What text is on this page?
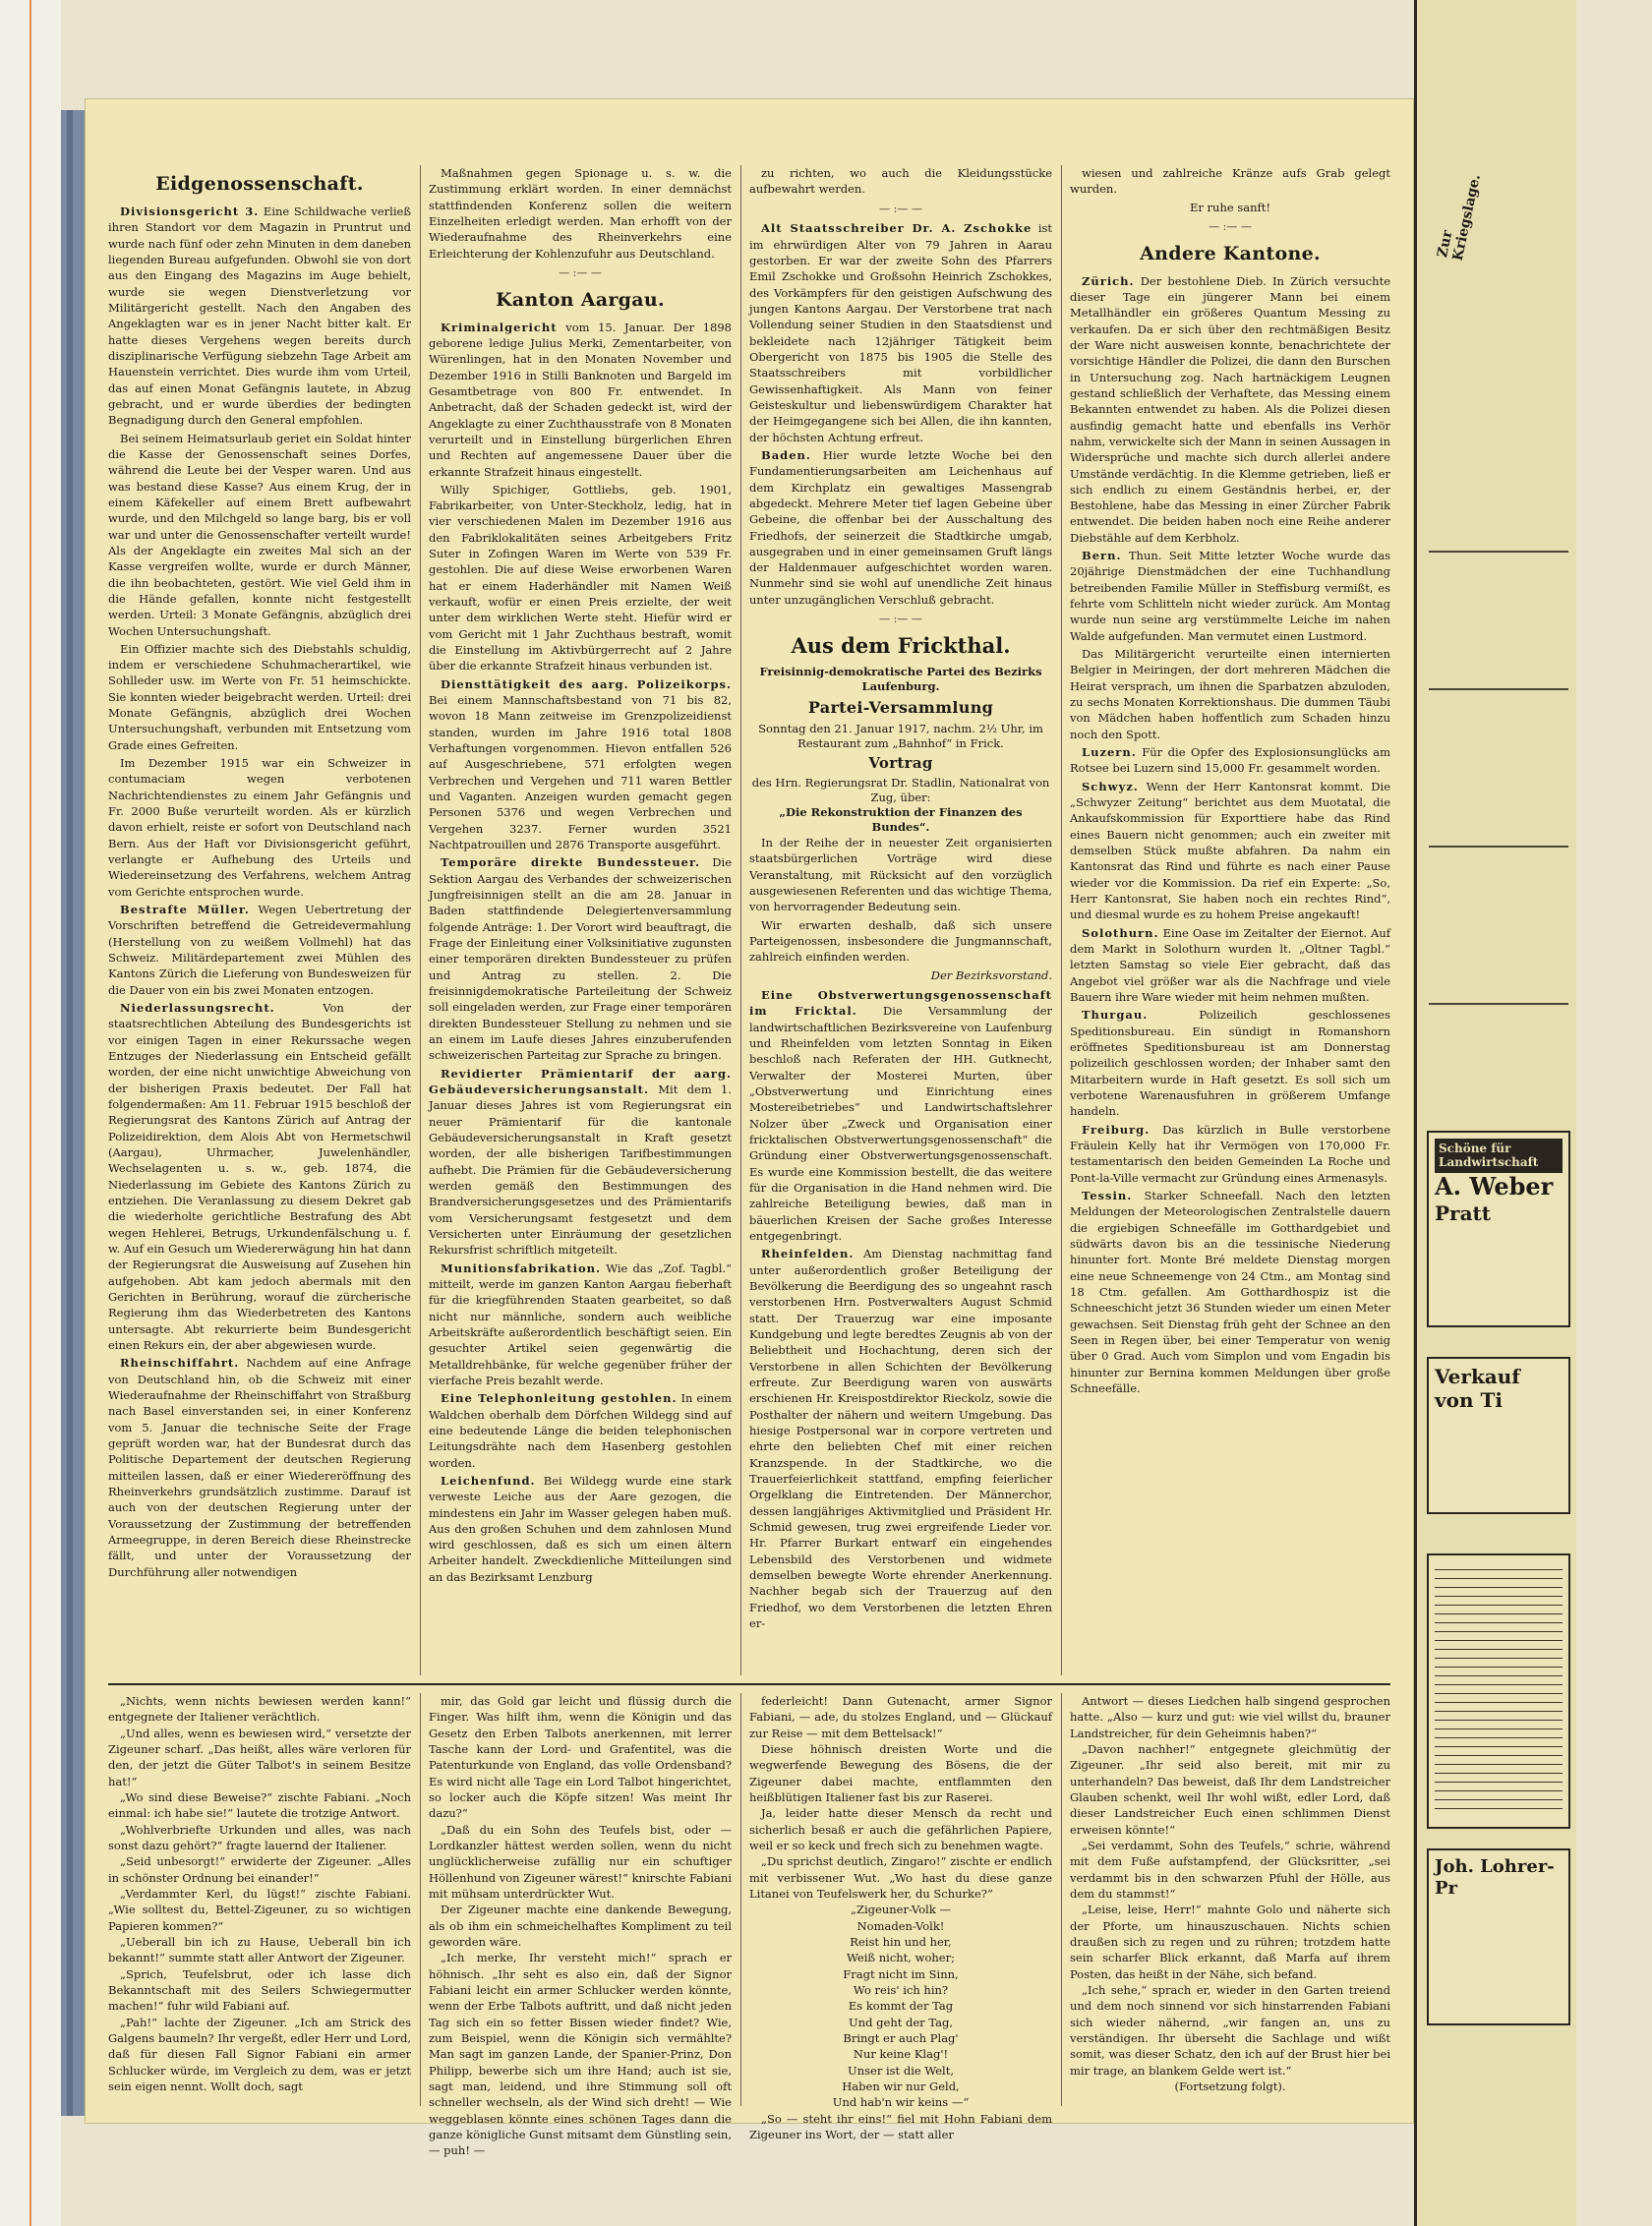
Eidgenossenschaft.

Divisionsgericht 3. Eine Schildwache verließ ihren Standort vor dem Magazin in Pruntrut und wurde nach fünf oder zehn Minuten in dem daneben liegenden Bureau aufgefunden. Obwohl sie von dort aus den Eingang des Magazins im Auge behielt, wurde sie wegen Dienstverletzung vor Militärgericht gestellt. Nach den Angaben des Angeklagten war es in jener Nacht bitter kalt. Er hatte dieses Vergehens wegen bereits durch disziplinarische Verfügung siebzehn Tage Arbeit am Hauenstein verrichtet. Dies wurde ihm vom Urteil, das auf einen Monat Gefängnis lautete, in Abzug gebracht, und er wurde überdies der bedingten Begnadigung durch den General empfohlen.

Bei seinem Heimatsurlaub geriet ein Soldat hinter die Kasse der Genossenschaft seines Dorfes, während die Leute bei der Vesper waren. Und aus was bestand diese Kasse? Aus einem Krug, der in einem Käfekeller auf einem Brett aufbewahrt wurde, und den Milchgeld so lange barg, bis er voll war und unter die Genossenschafter verteilt wurde! Als der Angeklagte ein zweites Mal sich an der Kasse vergreifen wollte, wurde er durch Männer, die ihn beobachteten, gestört. Wie viel Geld ihm in die Hände gefallen, konnte nicht festgestellt werden. Urteil: 3 Monate Gefängnis, abzüglich drei Wochen Untersuchungshaft.

Ein Offizier machte sich des Diebstahls schuldig, indem er verschiedene Schuhmacherartikel, wie Sohlleder usw. im Werte von Fr. 51 heimschickte. Sie konnten wieder beigebracht werden. Urteil: drei Monate Gefängnis, abzüglich drei Wochen Untersuchungshaft, verbunden mit Entsetzung vom Grade eines Gefreiten.

Im Dezember 1915 war ein Schweizer in contumaciam wegen verbotenen Nachrichtendienstes zu einem Jahr Gefängnis und Fr. 2000 Buße verurteilt worden. Als er kürzlich davon erhielt, reiste er sofort von Deutschland nach Bern. Aus der Haft vor Divisionsgericht geführt, verlangte er Aufhebung des Urteils und Wiedereinsetzung des Verfahrens, welchem Antrag vom Gerichte entsprochen wurde.

Bestrafte Müller. Wegen Uebertretung der Vorschriften betreffend die Getreidevermahlung (Herstellung von zu weißem Vollmehl) hat das Schweiz. Militärdepartement zwei Mühlen des Kantons Zürich die Lieferung von Bundesweizen für die Dauer von ein bis zwei Monaten entzogen.

Niederlassungsrecht.	Von der staatsrechtlichen Abteilung des Bundesgerichts ist vor einigen Tagen in einer Rekurssache wegen Entzuges der Niederlassung ein Entscheid gefällt worden, der eine nicht unwichtige Abweichung von der bisherigen Praxis bedeutet. Der Fall hat folgendermaßen: Am 11. Februar 1915 beschloß der Regierungsrat des Kantons Zürich auf Antrag der Polizeidirektion, dem Alois Abt von Hermetschwil (Aargau), Uhrmacher, Juwelenhändler, Wechselagenten u. s. w., geb. 1874, die Niederlassung im Gebiete des Kantons Zürich zu entziehen. Die Veranlassung zu diesem Dekret gab die wiederholte gerichtliche Bestrafung des Abt wegen Hehlerei, Betrugs, Urkundenfälschung u. f. w. Auf ein Gesuch um Wiedererwägung hin hat dann der Regierungsrat die Ausweisung auf Zusehen hin aufgehoben. Abt kam jedoch abermals mit den Gerichten in Berührung, worauf die zürcherische Regierung ihm das Wiederbetreten des Kantons untersagte. Abt rekurrierte beim Bundesgericht einen Rekurs ein, der aber abgewiesen wurde.

Rheinschiffahrt. Nachdem auf eine Anfrage von Deutschland hin, ob die Schweiz mit einer Wiederaufnahme der Rheinschiffahrt von Straßburg nach Basel einverstanden sei, in einer Konferenz vom 5. Januar die technische Seite der Frage geprüft worden war, hat der Bundesrat durch das Politische Departement der deutschen Regierung mitteilen lassen, daß er einer Wiedereröffnung des Rheinverkehrs grundsätzlich zustimme. Darauf ist auch von der deutschen Regierung unter der Voraussetzung der Zustimmung der betreffenden Armeegruppe, in deren Bereich diese Rheinstrecke fällt, und unter der Voraussetzung der Durchführung aller notwendigen

Maßnahmen gegen Spionage u. s. w. die Zustimmung erklärt worden. In einer demnächst stattfindenden Konferenz sollen die weitern Einzelheiten erledigt werden. Man erhofft von der Wiederaufnahme des Rheinverkehrs eine Erleichterung der Kohlenzufuhr aus Deutschland.

— :— —
Kanton Aargau.

Kriminalgericht vom 15. Januar. Der 1898 geborene ledige Julius Merki, Zementarbeiter, von Würenlingen, hat in den Monaten November und Dezember 1916 in Stilli Banknoten und Bargeld im Gesamtbetrage von 800 Fr. entwendet. In Anbetracht, daß der Schaden gedeckt ist, wird der Angeklagte zu einer Zuchthausstrafe von 8 Monaten verurteilt und in Einstellung bürgerlichen Ehren und Rechten auf angemessene Dauer über die erkannte Strafzeit hinaus eingestellt.

Willy Spichiger, Gottliebs, geb. 1901, Fabrikarbeiter, von Unter-Steckholz, ledig, hat in vier verschiedenen Malen im Dezember 1916 aus den Fabriklokalitäten seines Arbeitgebers Fritz Suter in Zofingen Waren im Werte von 539 Fr. gestohlen. Die auf diese Weise erworbenen Waren hat er einem Haderhändler mit Namen Weiß verkauft, wofür er einen Preis erzielte, der weit unter dem wirklichen Werte steht. Hiefür wird er vom Gericht mit 1 Jahr Zuchthaus bestraft, womit die Einstellung im Aktivbürgerrecht auf 2 Jahre über die erkannte Strafzeit hinaus verbunden ist.

Diensttätigkeit des aarg. Polizeikorps. Bei einem Mannschaftsbestand von 71 bis 82, wovon 18 Mann zeitweise im Grenzpolizeidienst standen, wurden im Jahre 1916 total 1808 Verhaftungen vorgenommen. Hievon entfallen 526 auf Ausgeschriebene, 571 erfolgten wegen Verbrechen und Vergehen und 711 waren Bettler und Vaganten. Anzeigen wurden gemacht gegen Personen 5376 und wegen Verbrechen und Vergehen 3237. Ferner wurden 3521 Nachtpatrouillen und 2876 Transporte ausgeführt.

Temporäre direkte Bundessteuer. Die Sektion Aargau des Verbandes der schweizerischen Jungfreisinnigen stellt an die am 28. Januar in Baden stattfindende Delegiertenversammlung folgende Anträge: 1. Der Vorort wird beauftragt, die Frage der Einleitung einer Volksinitiative zugunsten einer temporären direkten Bundessteuer zu prüfen und Antrag zu stellen. 2. Die freisinnigdemokratische Parteileitung der Schweiz soll eingeladen werden, zur Frage einer temporären direkten Bundessteuer Stellung zu nehmen und sie an einem im Laufe dieses Jahres einzuberufenden schweizerischen Parteitag zur Sprache zu bringen.

Revidierter Prämientarif der aarg. Gebäudeversicherungsanstalt. Mit dem 1. Januar dieses Jahres ist vom Regierungsrat ein neuer Prämientarif für die kantonale Gebäudeversicherungsanstalt in Kraft gesetzt worden, der alle bisherigen Tarifbestimmungen aufhebt. Die Prämien für die Gebäudeversicherung werden gemäß den Bestimmungen des Brandversicherungsgesetzes und des Prämientarifs vom Versicherungsamt festgesetzt und dem Versicherten unter Einräumung der gesetzlichen Rekursfrist schriftlich mitgeteilt.

Munitionsfabrikation. Wie das „Zof. Tagbl.“ mitteilt, werde im ganzen Kanton Aargau fieberhaft für die kriegführenden Staaten gearbeitet, so daß nicht nur männliche, sondern auch weibliche Arbeitskräfte außerordentlich beschäftigt seien. Ein gesuchter Artikel seien gegenwärtig die Metalldrehbänke, für welche gegenüber früher der vierfache Preis bezahlt werde.

Eine Telephonleitung gestohlen. In einem Waldchen oberhalb dem Dörfchen Wildegg sind auf eine bedeutende Länge die beiden telephonischen Leitungsdrähte nach dem Hasenberg gestohlen worden.

Leichenfund. Bei Wildegg wurde eine stark verweste Leiche aus der Aare gezogen, die mindestens ein Jahr im Wasser gelegen haben muß. Aus den großen Schuhen und dem zahnlosen Mund wird geschlossen, daß es sich um einen ältern Arbeiter handelt. Zweckdienliche Mitteilungen sind an das Bezirksamt Lenzburg

zu richten, wo auch die Kleidungsstücke aufbewahrt werden.

— :— —

Alt Staatsschreiber Dr. A. Zschokke ist im ehrwürdigen Alter von 79 Jahren in Aarau gestorben. Er war der zweite Sohn des Pfarrers Emil Zschokke und Großsohn Heinrich Zschokkes, des Vorkämpfers für den geistigen Aufschwung des jungen Kantons Aargau. Der Verstorbene trat nach Vollendung seiner Studien in den Staatsdienst und bekleidete nach 12jähriger Tätigkeit beim Obergericht von 1875 bis 1905 die Stelle des Staatsschreibers mit vorbildlicher Gewissenhaftigkeit. Als Mann von feiner Geisteskultur und liebenswürdigem Charakter hat der Heimgegangene sich bei Allen, die ihn kannten, der höchsten Achtung erfreut.

Baden. Hier wurde letzte Woche bei den Fundamentierungsarbeiten am Leichenhaus auf dem Kirchplatz ein gewaltiges Massengrab abgedeckt. Mehrere Meter tief lagen Gebeine über Gebeine, die offenbar bei der Ausschaltung des Friedhofs, der seinerzeit die Stadtkirche umgab, ausgegraben und in einer gemeinsamen Gruft längs der Haldenmauer aufgeschichtet worden waren. Nunmehr sind sie wohl auf unendliche Zeit hinaus unter unzugänglichen Verschluß gebracht.

— :— —
Aus dem Frickthal.
Freisinnig-demokratische Partei des Bezirks Laufenburg.
Partei-Versammlung
Sonntag den 21. Januar 1917, nachm. 2½ Uhr, im Restaurant zum „Bahnhof“ in Frick.
Vortrag
des Hrn. Regierungsrat Dr. Stadlin, Nationalrat von Zug, über:
„Die Rekonstruktion der Finanzen des Bundes“.

In der Reihe der in neuester Zeit organisierten staatsbürgerlichen Vorträge wird diese Veranstaltung, mit Rücksicht auf den vorzüglich ausgewiesenen Referenten und das wichtige Thema, von hervorragender Bedeutung sein.

Wir erwarten deshalb, daß sich unsere Parteigenossen, insbesondere die Jungmannschaft, zahlreich einfinden werden.

Der Bezirksvorstand.

Eine Obstverwertungsgenossenschaft im Fricktal. Die Versammlung der landwirtschaftlichen Bezirksvereine von Laufenburg und Rheinfelden vom letzten Sonntag in Eiken beschloß nach Referaten der HH. Gutknecht, Verwalter der Mosterei Murten, über „Obstverwertung und Einrichtung eines Mostereibetriebes“ und Landwirtschaftslehrer Nolzer über „Zweck und Organisation einer fricktalischen Obstverwertungsgenossenschaft“ die Gründung einer Obstverwertungsgenossenschaft. Es wurde eine Kommission bestellt, die das weitere für die Organisation in die Hand nehmen wird. Die zahlreiche Beteiligung bewies, daß man in bäuerlichen Kreisen der Sache großes Interesse entgegenbringt.

Rheinfelden. Am Dienstag nachmittag fand unter außerordentlich großer Beteiligung der Bevölkerung die Beerdigung des so ungeahnt rasch verstorbenen Hrn. Postverwalters August Schmid statt. Der Trauerzug war eine imposante Kundgebung und legte beredtes Zeugnis ab von der Beliebtheit und Hochachtung, deren sich der Verstorbene in allen Schichten der Bevölkerung erfreute. Zur Beerdigung waren von auswärts erschienen Hr. Kreispostdirektor Rieckolz, sowie die Posthalter der nähern und weitern Umgebung. Das hiesige Postpersonal war in corpore vertreten und ehrte den beliebten Chef mit einer reichen Kranzspende. In der Stadtkirche, wo die Trauerfeierlichkeit stattfand, empfing feierlicher Orgelklang die Eintretenden. Der Männerchor, dessen langjähriges Aktivmitglied und Präsident Hr. Schmid gewesen, trug zwei ergreifende Lieder vor. Hr. Pfarrer Burkart entwarf ein eingehendes Lebensbild des Verstorbenen und widmete demselben bewegte Worte ehrender Anerkennung. Nachher begab sich der Trauerzug auf den Friedhof, wo dem Verstorbenen die letzten Ehren er-

wiesen und zahlreiche Kränze aufs Grab gelegt wurden.

Er ruhe sanft!

— :— —
Andere Kantone.

Zürich. Der bestohlene Dieb. In Zürich versuchte dieser Tage ein jüngerer Mann bei einem Metallhändler ein größeres Quantum Messing zu verkaufen. Da er sich über den rechtmäßigen Besitz der Ware nicht ausweisen konnte, benachrichtete der vorsichtige Händler die Polizei, die dann den Burschen in Untersuchung zog. Nach hartnäckigem Leugnen gestand schließlich der Verhaftete, das Messing einem Bekannten entwendet zu haben. Als die Polizei diesen ausfindig gemacht hatte und ebenfalls ins Verhör nahm, verwickelte sich der Mann in seinen Aussagen in Widersprüche und machte sich durch allerlei andere Umstände verdächtig. In die Klemme getrieben, ließ er sich endlich zu einem Geständnis herbei, er, der Bestohlene, habe das Messing in einer Zürcher Fabrik entwendet. Die beiden haben noch eine Reihe anderer Diebstähle auf dem Kerbholz.

Bern. Thun. Seit Mitte letzter Woche wurde das 20jährige Dienstmädchen der eine Tuchhandlung betreibenden Familie Müller in Steffisburg vermißt, es fehrte vom Schlitteln nicht wieder zurück. Am Montag wurde nun seine arg verstümmelte Leiche im nahen Walde aufgefunden. Man vermutet einen Lustmord.

Das Militärgericht verurteilte einen internierten Belgier in Meiringen, der dort mehreren Mädchen die Heirat versprach, um ihnen die Sparbatzen abzuloden, zu sechs Monaten Korrektionshaus. Die dummen Täubi von Mädchen haben hoffentlich zum Schaden hinzu noch den Spott.

Luzern. Für die Opfer des Explosionsunglücks am Rotsee bei Luzern sind 15,000 Fr. gesammelt worden.

Schwyz. Wenn der Herr Kantonsrat kommt. Die „Schwyzer Zeitung“ berichtet aus dem Muotatal, die Ankaufskommission für Exporttiere habe das Rind eines Bauern nicht genommen; auch ein zweiter mit demselben Stück mußte abfahren. Da nahm ein Kantonsrat das Rind und führte es nach einer Pause wieder vor die Kommission. Da rief ein Experte: „So, Herr Kantonsrat, Sie haben noch ein rechtes Rind“, und diesmal wurde es zu hohem Preise angekauft!

Solothurn. Eine Oase im Zeitalter der Eiernot. Auf dem Markt in Solothurn wurden lt. „Oltner Tagbl.“ letzten Samstag so viele Eier gebracht, daß das Angebot viel größer war als die Nachfrage und viele Bauern ihre Ware wieder mit heim nehmen mußten.

Thurgau.	Polizeilich geschlossenes Speditionsbureau. Ein sündigt in Romanshorn eröffnetes Speditionsbureau ist am Donnerstag polizeilich geschlossen worden; der Inhaber samt den Mitarbeitern wurde in Haft gesetzt. Es soll sich um verbotene Warenausfuhren in größerem Umfange handeln.

Freiburg. Das kürzlich in Bulle verstorbene Fräulein Kelly hat ihr Vermögen von 170,000 Fr. testamentarisch den beiden Gemeinden La Roche und Pont-la-Ville vermacht zur Gründung eines Armenasyls.

Tessin. Starker Schneefall. Nach den letzten Meldungen der Meteorologischen Zentralstelle dauern die ergiebigen Schneefälle im Gotthardgebiet und südwärts davon bis an die tessinische Niederung hinunter fort. Monte Bré meldete Dienstag morgen eine neue Schneemenge von 24 Ctm., am Montag sind 18 Ctm. gefallen. Am Gotthardhospiz ist die Schneeschicht jetzt 36 Stunden wieder um einen Meter gewachsen. Seit Dienstag früh geht der Schnee an den Seen in Regen über, bei einer Temperatur von wenig über 0 Grad. Auch vom Simplon und vom Engadin bis hinunter zur Bernina kommen Meldungen über große Schneefälle.

„Nichts, wenn nichts bewiesen werden kann!“ entgegnete der Italiener verächtlich.

„Und alles, wenn es bewiesen wird,“ versetzte der Zigeuner scharf. „Das heißt, alles wäre verloren für den, der jetzt die Güter Talbot's in seinem Besitze hat!“

„Wo sind diese Beweise?“ zischte Fabiani. „Noch einmal: ich habe sie!“ lautete die trotzige Antwort.

„Wohlverbriefte Urkunden und alles, was nach sonst dazu gehört?“ fragte lauernd der Italiener.

„Seid unbesorgt!“ erwiderte der Zigeuner. „Alles in schönster Ordnung bei einander!“

„Verdammter Kerl, du lügst!“ zischte Fabiani. „Wie solltest du, Bettel-Zigeuner, zu so wichtigen Papieren kommen?“

„Ueberall bin ich zu Hause, Ueberall bin ich bekannt!“ summte statt aller Antwort der Zigeuner.

„Sprich, Teufelsbrut, oder ich lasse dich Bekanntschaft mit des Seilers Schwiegermutter machen!“ fuhr wild Fabiani auf.

„Pah!“ lachte der Zigeuner. „Ich am Strick des Galgens baumeln? Ihr vergeßt, edler Herr und Lord, daß für diesen Fall Signor Fabiani ein armer Schlucker würde, im Vergleich zu dem, was er jetzt sein eigen nennt. Wollt doch, sagt

mir, das Gold gar leicht und flüssig durch die Finger. Was hilft ihm, wenn die Königin und das Gesetz den Erben Talbots anerkennen, mit lerrer Tasche kann der Lord- und Grafentitel, was die Patenturkunde von England, das volle Ordensband? Es wird nicht alle Tage ein Lord Talbot hingerichtet, so locker auch die Köpfe sitzen! Was meint Ihr dazu?“

„Daß du ein Sohn des Teufels bist, oder — Lordkanzler hättest werden sollen, wenn du nicht unglücklicherweise zufällig nur ein schuftiger Höllenhund von Zigeuner wärest!“ knirschte Fabiani mit mühsam unterdrückter Wut.

Der Zigeuner machte eine dankende Bewegung, als ob ihm ein schmeichelhaftes Kompliment zu teil geworden wäre.

„Ich merke, Ihr versteht mich!“ sprach er höhnisch. „Ihr seht es also ein, daß der Signor Fabiani leicht ein armer Schlucker werden könnte, wenn der Erbe Talbots auftritt, und daß nicht jeden Tag sich ein so fetter Bissen wieder findet? Wie, zum Beispiel, wenn die Königin sich vermählte? Man sagt im ganzen Lande, der Spanier-Prinz, Don Philipp, bewerbe sich um ihre Hand; auch ist sie, sagt man, leidend, und ihre Stimmung soll oft schneller wechseln, als der Wind sich dreht! — Wie weggeblasen könnte eines schönen Tages dann die ganze königliche Gunst mitsamt dem Günstling sein, — puh! —

federleicht! Dann Gutenacht, armer Signor Fabiani, — ade, du stolzes England, und — Glückauf zur Reise — mit dem Bettelsack!“

Diese höhnisch dreisten Worte und die wegwerfende Bewegung des Bösens, die der Zigeuner dabei machte, entflammten den heißblütigen Italiener fast bis zur Raserei.

Ja, leider hatte dieser Mensch da recht und sicherlich besaß er auch die gefährlichen Papiere, weil er so keck und frech sich zu benehmen wagte.

„Du sprichst deutlich, Zingaro!“ zischte er endlich mit verbissener Wut. „Wo hast du diese ganze Litanei von Teufelswerk her, du Schurke?“

„Zigeuner-Volk —

Nomaden-Volk!

Reist hin und her,

Weiß nicht, woher;

Fragt nicht im Sinn,

Wo reis' ich hin?

Es kommt der Tag

Und geht der Tag,

Bringt er auch Plag'

Nur keine Klag'!

Unser ist die Welt,

Haben wir nur Geld,

Und hab'n wir keins —“

„So — steht ihr eins!“ fiel mit Hohn Fabiani dem Zigeuner ins Wort, der — statt aller

Antwort — dieses Liedchen halb singend gesprochen hatte. „Also — kurz und gut: wie viel willst du, brauner Landstreicher, für dein Geheimnis haben?“

„Davon nachher!“ entgegnete gleichmütig der Zigeuner. „Ihr seid also bereit, mit mir zu unterhandeln? Das beweist, daß Ihr dem Landstreicher Glauben schenkt, weil Ihr wohl wißt, edler Lord, daß dieser Landstreicher Euch einen schlimmen Dienst erweisen könnte!“

„Sei verdammt, Sohn des Teufels,“ schrie, während mit dem Fuße aufstampfend, der Glücksritter, „sei verdammt bis in den schwarzen Pfuhl der Hölle, aus dem du stammst!“

„Leise, leise, Herr!“ mahnte Golo und näherte sich der Pforte, um hinauszuschauen. Nichts schien draußen sich zu regen und zu rühren; trotzdem hatte sein scharfer Blick erkannt, daß Marfa auf ihrem Posten, das heißt in der Nähe, sich befand.

„Ich sehe,“ sprach er, wieder in den Garten treiend und dem noch sinnend vor sich hinstarrenden Fabiani sich wieder nähernd, „wir fangen an, uns zu verständigen. Ihr überseht die Sachlage und wißt somit, was dieser Schatz, den ich auf der Brust hier bei mir trage, an blankem Gelde wert ist.“

(Fortsetzung folgt).

Zur Kriegslage.
Schöne für Landwirtschaft
A. Weber
Pratt
Verkauf von Ti
Joh. Lohrer-Pr
